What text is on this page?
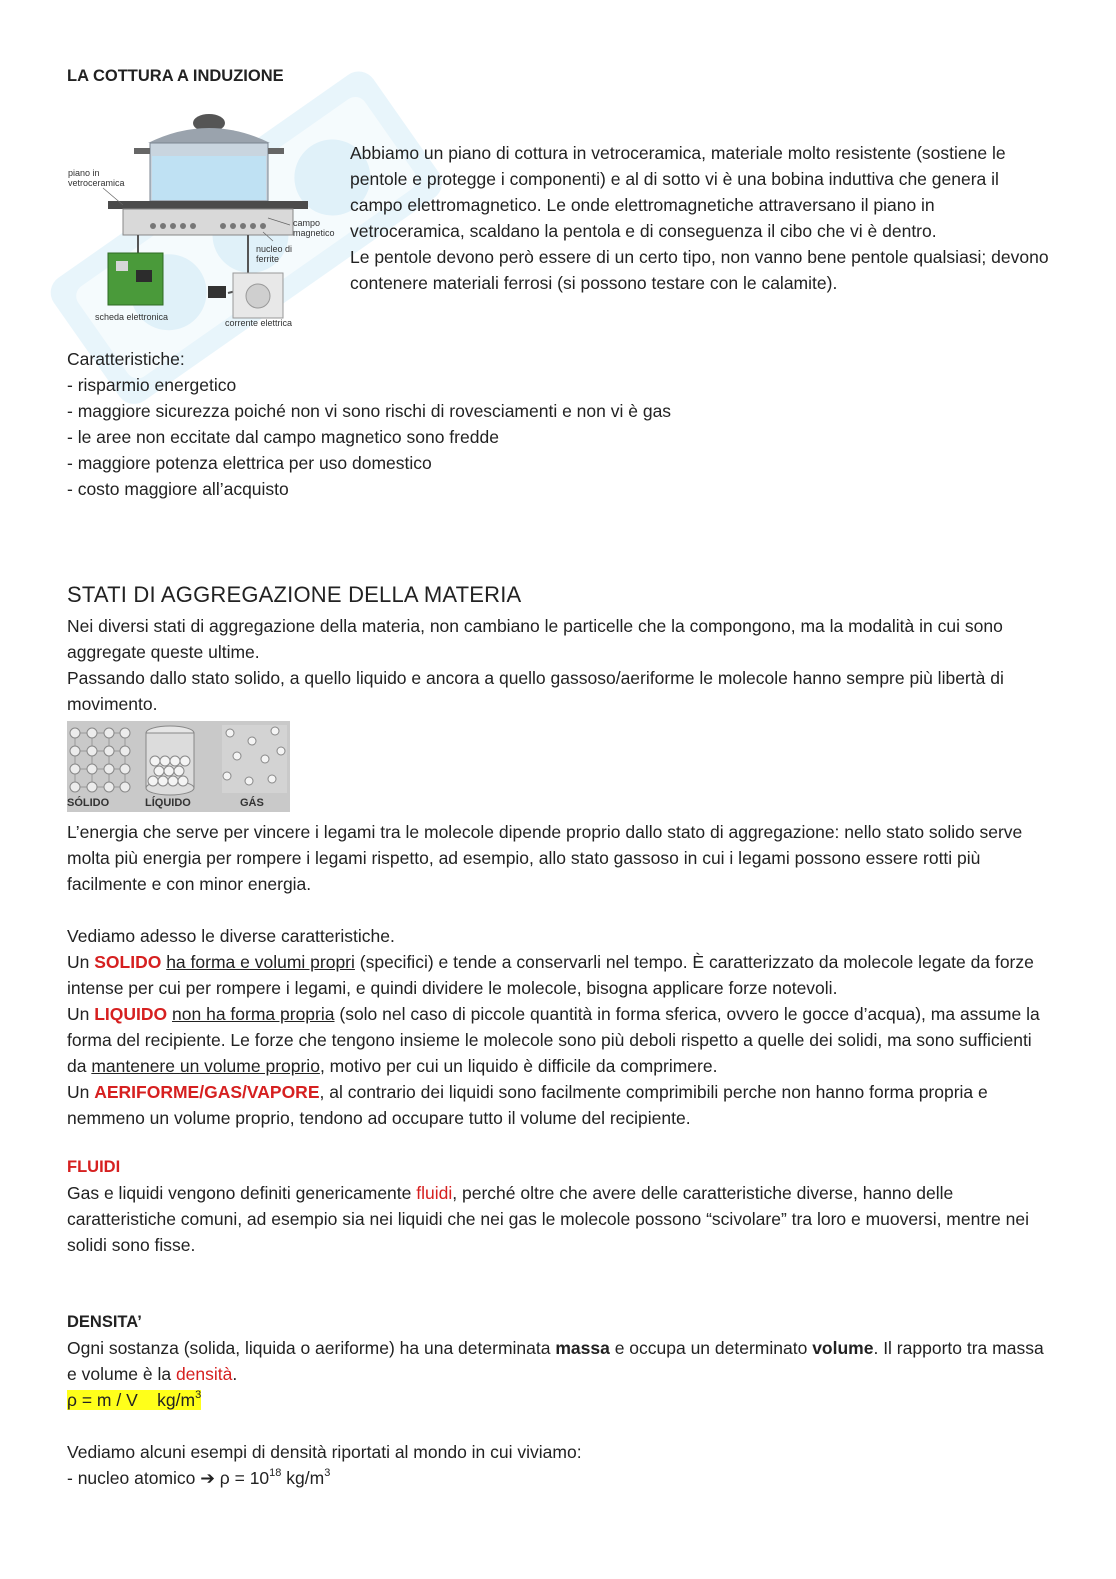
LA COTTURA A INDUZIONE
piano in vetroceramica
campo magnetico
nucleo di ferrite
scheda elettronica
corrente elettrica

Abbiamo un piano di cottura in vetroceramica, materiale molto resistente (sostiene le pentole e protegge i componenti) e al di sotto vi è una bobina induttiva che genera il campo elettromagnetico. Le onde elettromagnetiche attraversano il piano in vetroceramica, scaldano la pentola e di conseguenza il cibo che vi è dentro.

Le pentole devono però essere di un certo tipo, non vanno bene pentole qualsiasi; devono contenere materiali ferrosi (si possono testare con le calamite).

Caratteristiche:
- risparmio energetico
- maggiore sicurezza poiché non vi sono rischi di rovesciamenti e non vi è gas
- le aree non eccitate dal campo magnetico sono fredde
- maggiore potenza elettrica per uso domestico
- costo maggiore all’acquisto
STATI DI AGGREGAZIONE DELLA MATERIA

Nei diversi stati di aggregazione della materia, non cambiano le particelle che la compongono, ma la modalità in cui sono aggregate queste ultime.

Passando dallo stato solido, a quello liquido e ancora a quello gassoso/aeriforme le molecole hanno sempre più libertà di movimento.

SÓLIDO	LÍQUIDO	GÁS
L’energia che serve per vincere i legami tra le molecole dipende proprio dallo stato di aggregazione: nello stato solido serve molta più energia per rompere i legami rispetto, ad esempio, allo stato gassoso in cui i legami possono essere rotti più facilmente e con minor energia.

Vediamo adesso le diverse caratteristiche.

Un SOLIDO ha forma e volumi propri (specifici) e tende a conservarli nel tempo. È caratterizzato da molecole legate da forze intense per cui per rompere i legami, e quindi dividere le molecole, bisogna applicare forze notevoli.

Un LIQUIDO non ha forma propria (solo nel caso di piccole quantità in forma sferica, ovvero le gocce d’acqua), ma assume la forma del recipiente. Le forze che tengono insieme le molecole sono più deboli rispetto a quelle dei solidi, ma sono sufficienti da mantenere un volume proprio, motivo per cui un liquido è difficile da comprimere.

Un AERIFORME/GAS/VAPORE, al contrario dei liquidi sono facilmente comprimibili perche non hanno forma propria e nemmeno un volume proprio, tendono ad occupare tutto il volume del recipiente.

FLUIDI

Gas e liquidi vengono definiti genericamente fluidi, perché oltre che avere delle caratteristiche diverse, hanno delle caratteristiche comuni, ad esempio sia nei liquidi che nei gas le molecole possono “scivolare” tra loro e muoversi, mentre nei solidi sono fisse.

DENSITA’

Ogni sostanza (solida, liquida o aeriforme) ha una determinata massa e occupa un determinato volume. Il rapporto tra massa e volume è la densità.

ρ = m / V    $kg/m^3$

Vediamo alcuni esempi di densità riportati al mondo in cui viviamo:

- nucleo atomico ➔ $\rho = 10^{18}$ $kg/m^3$
